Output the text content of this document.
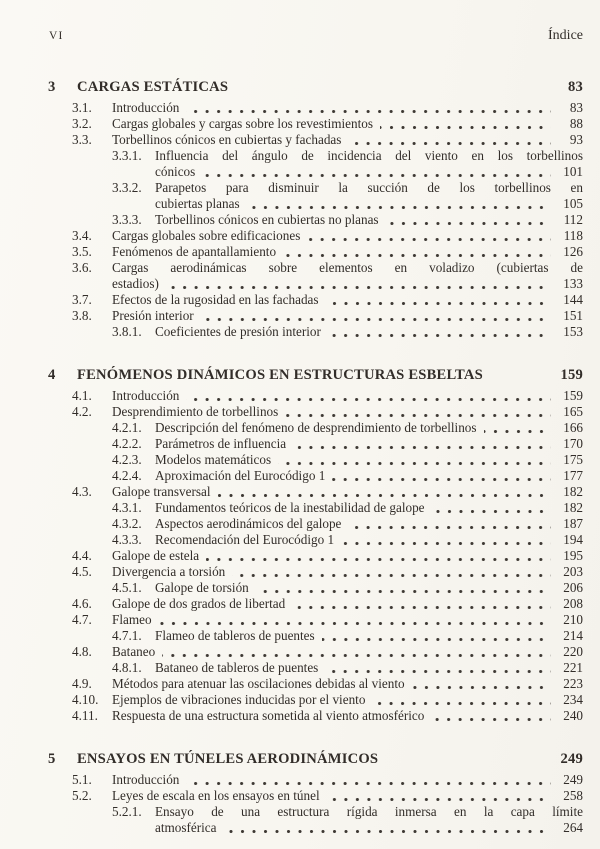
VI	Índice
3	CARGAS ESTÁTICAS	83
3.1.	Introducción	83
3.2.	Cargas globales y cargas sobre los revestimientos	88
3.3.	Torbellinos cónicos en cubiertas y fachadas	93
3.3.1.	Influencia del ángulo de incidencia del viento en los torbellinos
cónicos	101
3.3.2.	Parapetos para disminuir la succión de los torbellinos en
cubiertas planas	105
3.3.3.	Torbellinos cónicos en cubiertas no planas	112
3.4.	Cargas globales sobre edificaciones	118
3.5.	Fenómenos de apantallamiento	126
3.6.	Cargas aerodinámicas sobre elementos en voladizo (cubiertas de
estadios)	133
3.7.	Efectos de la rugosidad en las fachadas	144
3.8.	Presión interior	151
3.8.1.	Coeficientes de presión interior	153
4	FENÓMENOS DINÁMICOS EN ESTRUCTURAS ESBELTAS	159
4.1.	Introducción	159
4.2.	Desprendimiento de torbellinos	165
4.2.1.	Descripción del fenómeno de desprendimiento de torbellinos	166
4.2.2.	Parámetros de influencia	170
4.2.3.	Modelos matemáticos	175
4.2.4.	Aproximación del Eurocódigo 1	177
4.3.	Galope transversal	182
4.3.1.	Fundamentos teóricos de la inestabilidad de galope	182
4.3.2.	Aspectos aerodinámicos del galope	187
4.3.3.	Recomendación del Eurocódigo 1	194
4.4.	Galope de estela	195
4.5.	Divergencia a torsión	203
4.5.1.	Galope de torsión	206
4.6.	Galope de dos grados de libertad	208
4.7.	Flameo	210
4.7.1.	Flameo de tableros de puentes	214
4.8.	Bataneo	220
4.8.1.	Bataneo de tableros de puentes	221
4.9.	Métodos para atenuar las oscilaciones debidas al viento	223
4.10.	Ejemplos de vibraciones inducidas por el viento	234
4.11.	Respuesta de una estructura sometida al viento atmosférico	240
5	ENSAYOS EN TÚNELES AERODINÁMICOS	249
5.1.	Introducción	249
5.2.	Leyes de escala en los ensayos en túnel	258
5.2.1.	Ensayo de una estructura rígida inmersa en la capa límite
atmosférica	264
